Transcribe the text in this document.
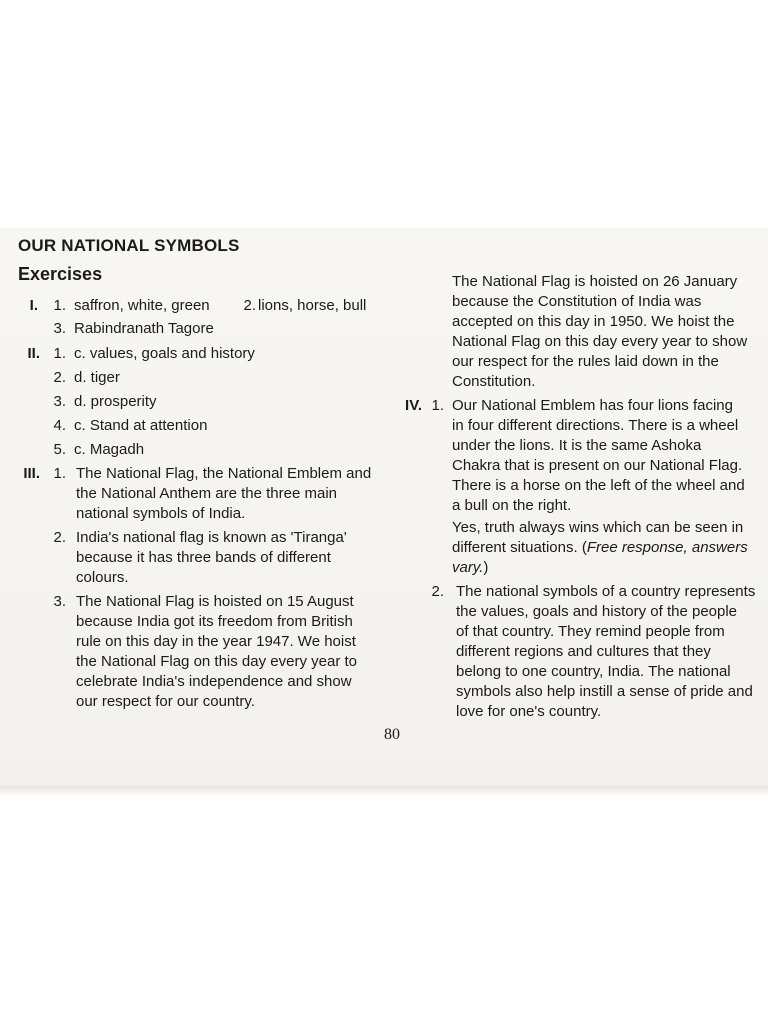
OUR NATIONAL SYMBOLS
Exercises
I.	1. saffron, white, green	2. lions, horse, bull
3. Rabindranath Tagore
II. 1. c. values, goals and history
2. d. tiger
3. d. prosperity
4. c. Stand at attention
5. c. Magadh
III. 1. The National Flag, the National Emblem and
the National Anthem are the three main
national symbols of India.
2. India's national flag is known as 'Tiranga'
because it has three bands of different
colours.
3. The National Flag is hoisted on 15 August
because India got its freedom from British
rule on this day in the year 1947. We hoist
the National Flag on this day every year to
celebrate India's independence and show
our respect for our country.
The National Flag is hoisted on 26 January
because the Constitution of India was
accepted on this day in 1950. We hoist the
National Flag on this day every year to show
our respect for the rules laid down in the
Constitution.
IV. 1. Our National Emblem has four lions facing
in four different directions. There is a wheel
under the lions. It is the same Ashoka
Chakra that is present on our National Flag.
There is a horse on the left of the wheel and
a bull on the right.
Yes, truth always wins which can be seen in
different situations. (Free response, answers
vary.)
2. The national symbols of a country represents
the values, goals and history of the people
of that country. They remind people from
different regions and cultures that they
belong to one country, India. The national
symbols also help instill a sense of pride and
love for one's country.
80
